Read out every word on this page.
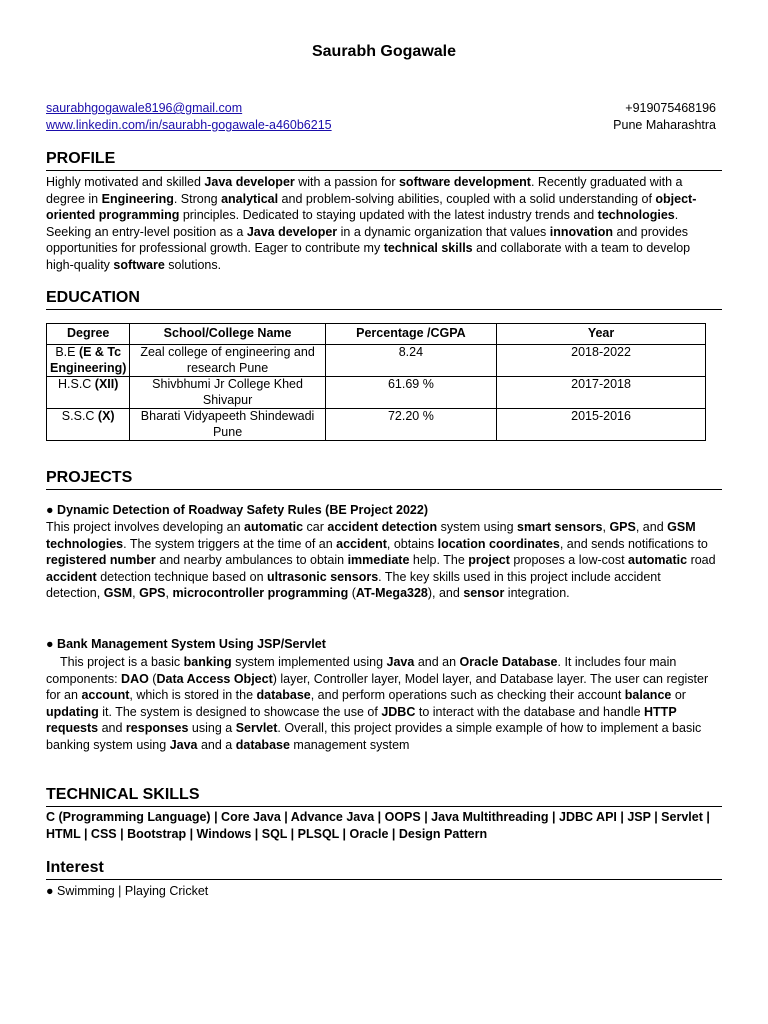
Saurabh Gogawale
saurabhgogawale8196@gmail.com
www.linkedin.com/in/saurabh-gogawale-a460b6215
+919075468196
Pune Maharashtra
PROFILE
Highly motivated and skilled Java developer with a passion for software development. Recently graduated with a degree in Engineering. Strong analytical and problem-solving abilities, coupled with a solid understanding of object-oriented programming principles. Dedicated to staying updated with the latest industry trends and technologies. Seeking an entry-level position as a Java developer in a dynamic organization that values innovation and provides opportunities for professional growth. Eager to contribute my technical skills and collaborate with a team to develop high-quality software solutions.
EDUCATION
Degree	School/College Name	Percentage /CGPA	Year
B.E (E & Tc Engineering)	Zeal college of engineering and research Pune	8.24	2018-2022
H.S.C (XII)	Shivbhumi Jr College Khed Shivapur	61.69 %	2017-2018
S.S.C (X)	Bharati Vidyapeeth Shindewadi Pune	72.20 %	2015-2016
PROJECTS
● Dynamic Detection of Roadway Safety Rules (BE Project 2022)
This project involves developing an automatic car accident detection system using smart sensors, GPS, and GSM technologies. The system triggers at the time of an accident, obtains location coordinates, and sends notifications to registered number and nearby ambulances to obtain immediate help. The project proposes a low-cost automatic road accident detection technique based on ultrasonic sensors. The key skills used in this project include accident detection, GSM, GPS, microcontroller programming (AT-Mega328), and sensor integration.
● Bank Management System Using JSP/Servlet
This project is a basic banking system implemented using Java and an Oracle Database. It includes four main components: DAO (Data Access Object) layer, Controller layer, Model layer, and Database layer. The user can register for an account, which is stored in the database, and perform operations such as checking their account balance or updating it. The system is designed to showcase the use of JDBC to interact with the database and handle HTTP requests and responses using a Servlet. Overall, this project provides a simple example of how to implement a basic banking system using Java and a database management system
TECHNICAL SKILLS
C (Programming Language) | Core Java | Advance Java | OOPS | Java Multithreading | JDBC API | JSP | Servlet | HTML | CSS | Bootstrap | Windows | SQL | PLSQL | Oracle | Design Pattern
Interest
● Swimming | Playing Cricket
